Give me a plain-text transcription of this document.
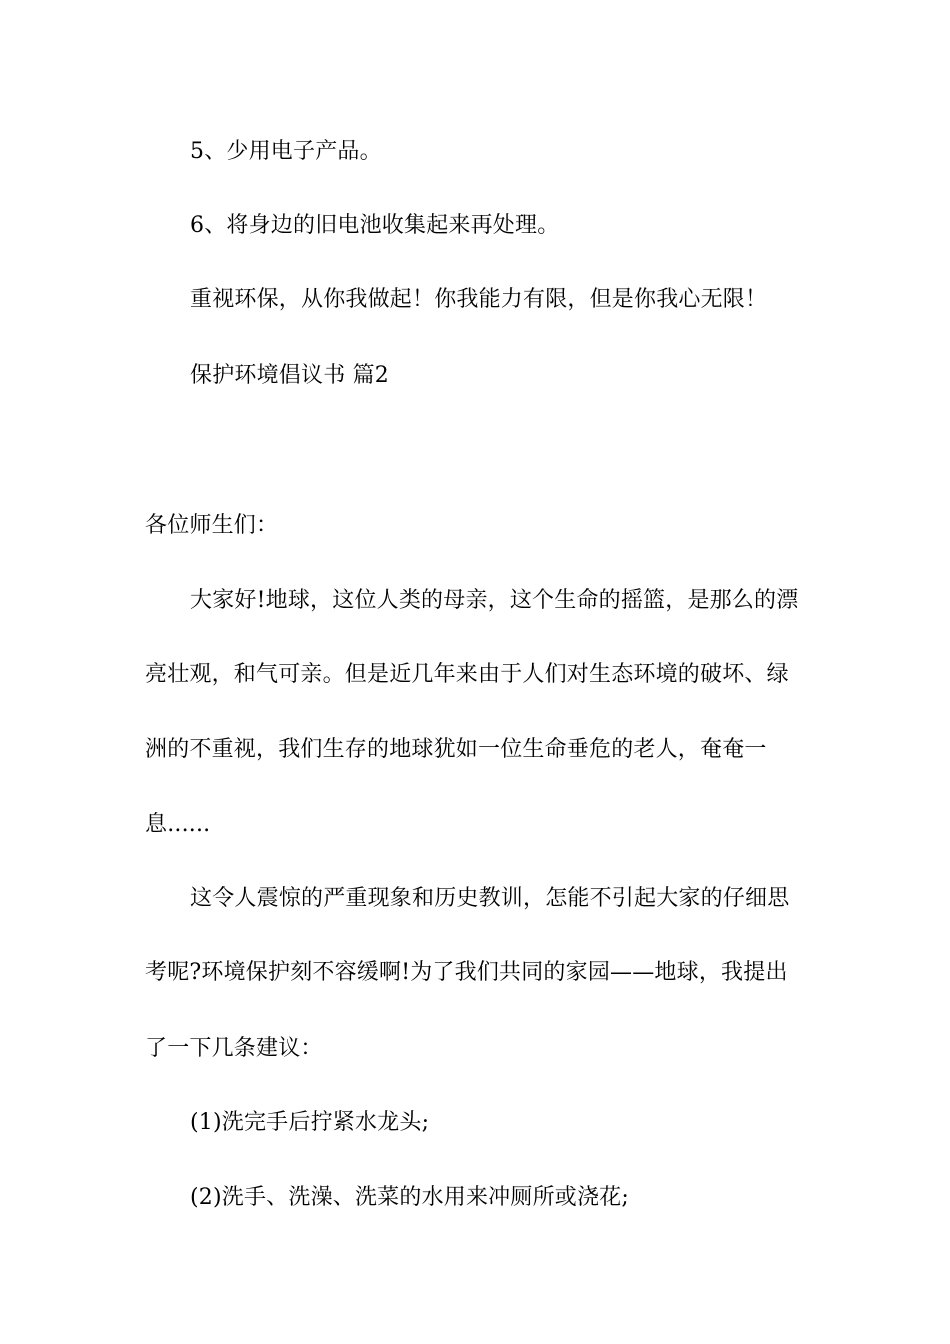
5、少用电子产品。
6、将身边的旧电池收集起来再处理。
重视环保，从你我做起！你我能力有限，但是你我心无限！
保护环境倡议书 篇2
各位师生们：
大家好!地球，这位人类的母亲，这个生命的摇篮，是那么的漂
亮壮观，和气可亲。但是近几年来由于人们对生态环境的破坏、绿
洲的不重视，我们生存的地球犹如一位生命垂危的老人，奄奄一
息......
这令人震惊的严重现象和历史教训，怎能不引起大家的仔细思
考呢?环境保护刻不容缓啊!为了我们共同的家园——地球，我提出
了一下几条建议：
(1)洗完手后拧紧水龙头;
(2)洗手、洗澡、洗菜的水用来冲厕所或浇花;
